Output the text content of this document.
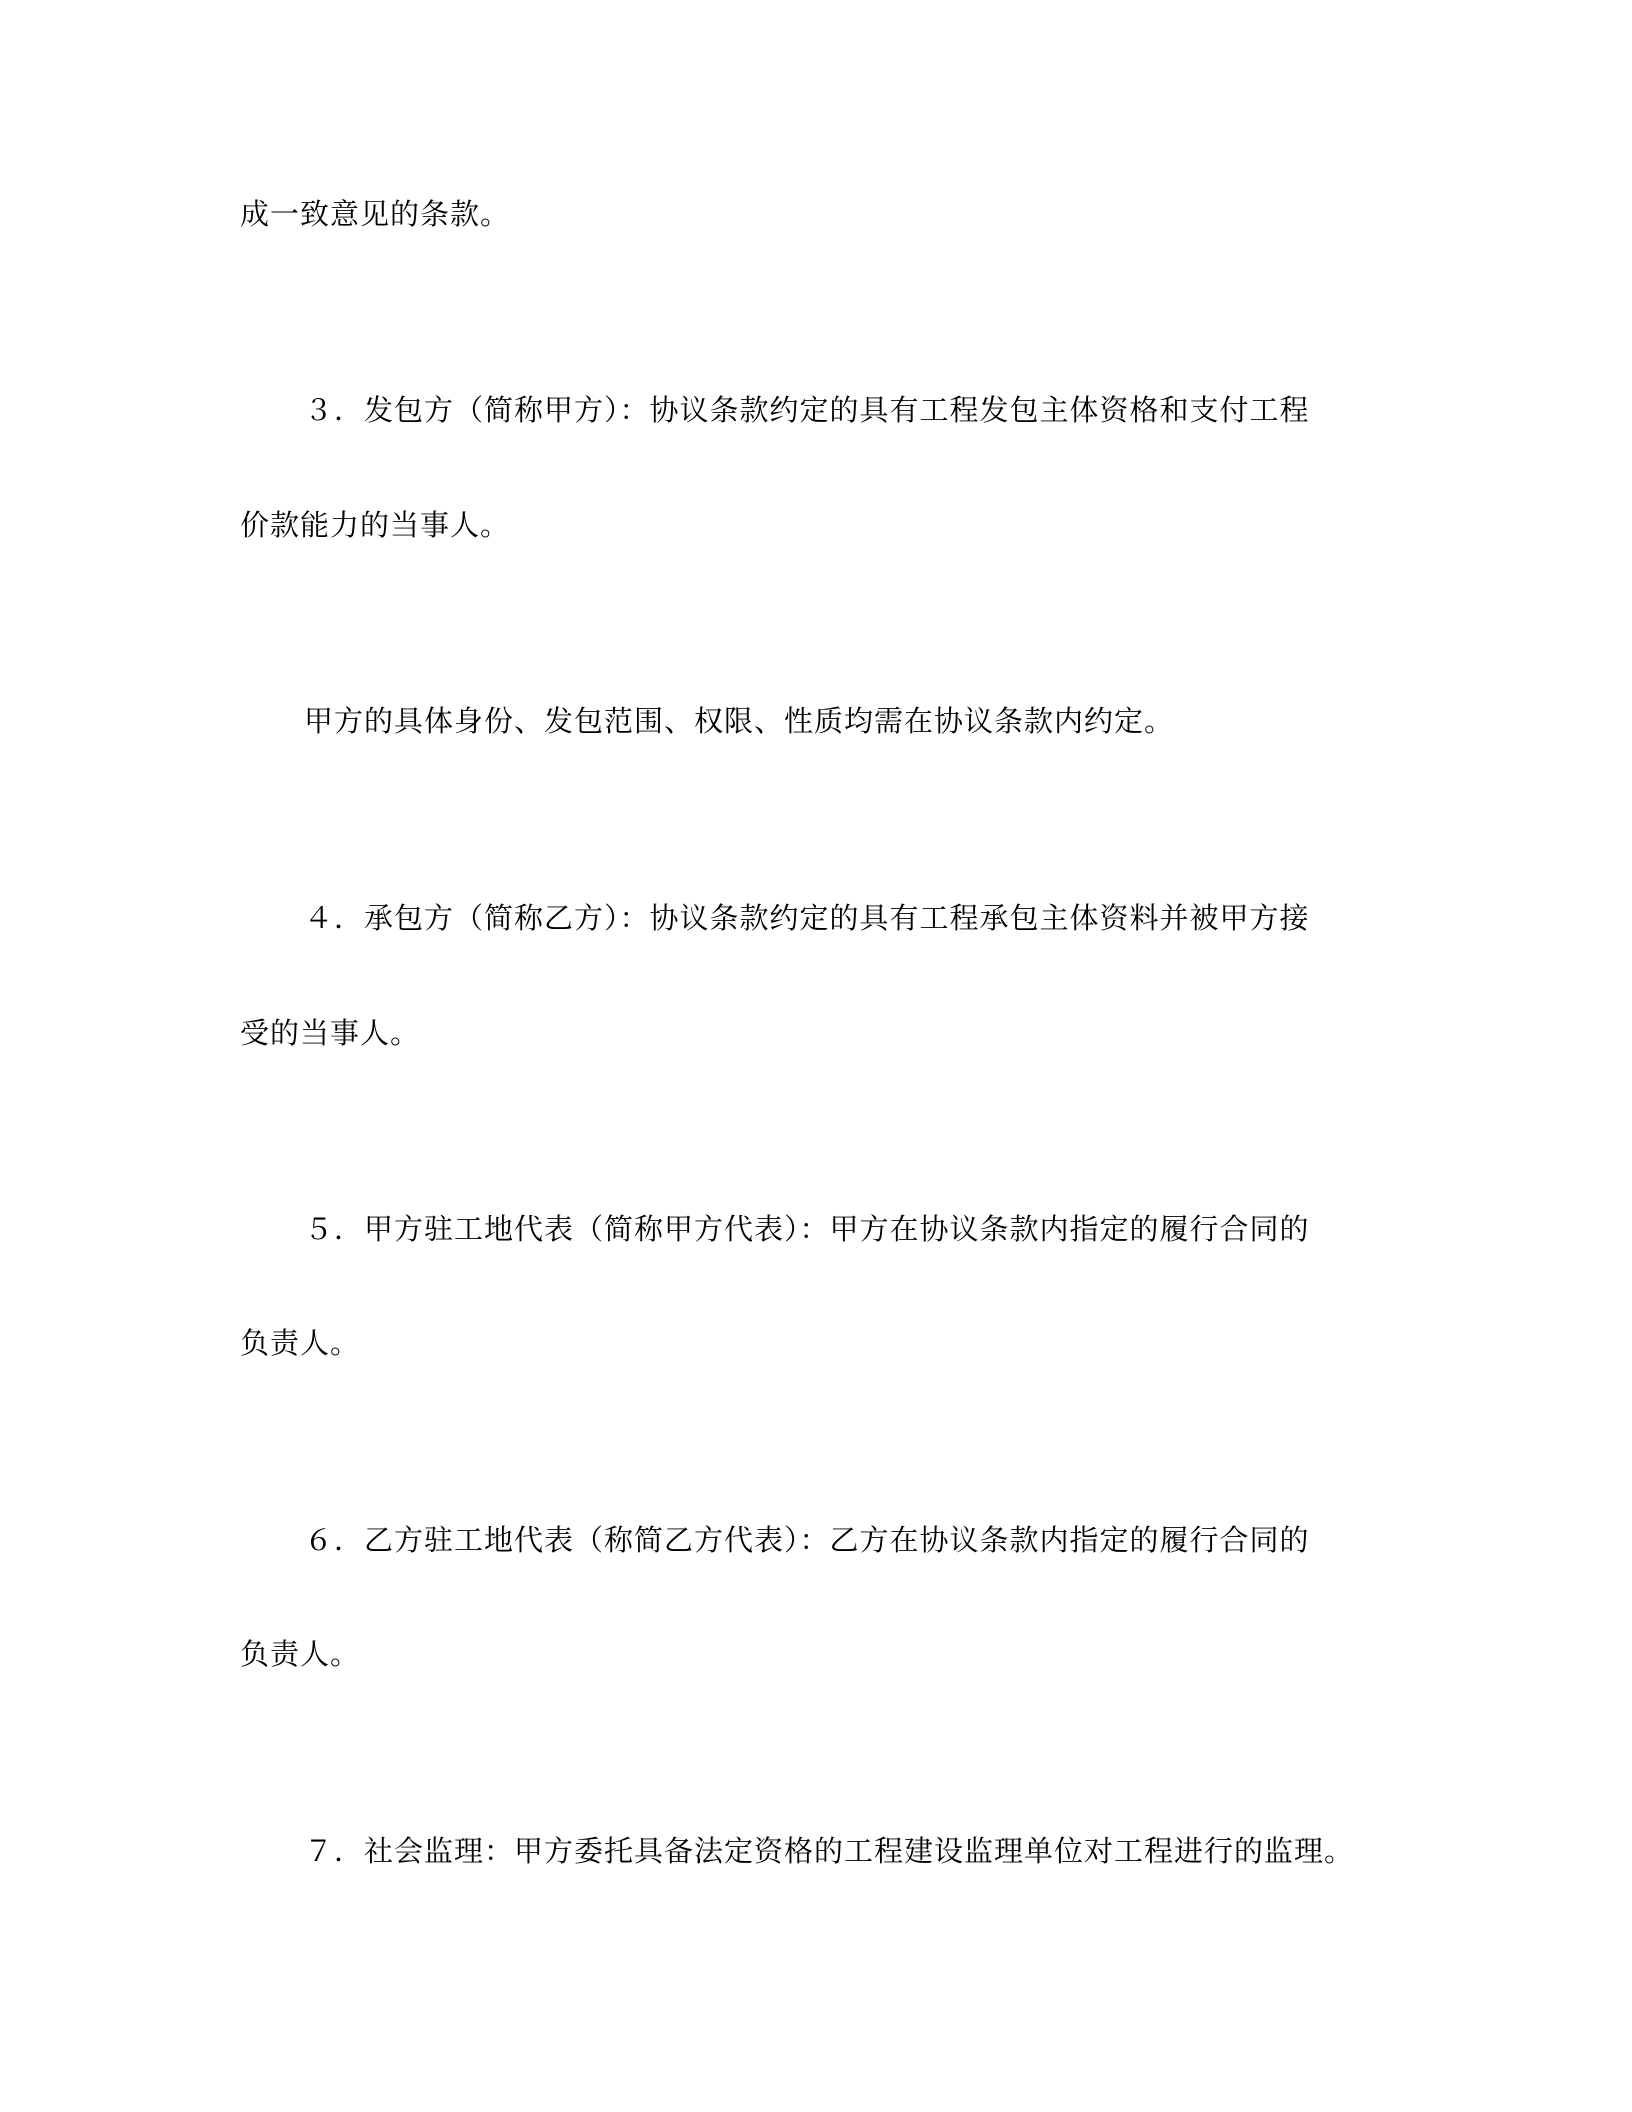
成一致意见的条款。
３．发包方（简称甲方）：协议条款约定的具有工程发包主体资格和支付工程
价款能力的当事人。
甲方的具体身份、发包范围、权限、性质均需在协议条款内约定。
４．承包方（简称乙方）：协议条款约定的具有工程承包主体资料并被甲方接
受的当事人。
５．甲方驻工地代表（简称甲方代表）：甲方在协议条款内指定的履行合同的
负责人。
６．乙方驻工地代表（称简乙方代表）：乙方在协议条款内指定的履行合同的
负责人。
７．社会监理：甲方委托具备法定资格的工程建设监理单位对工程进行的监理。
